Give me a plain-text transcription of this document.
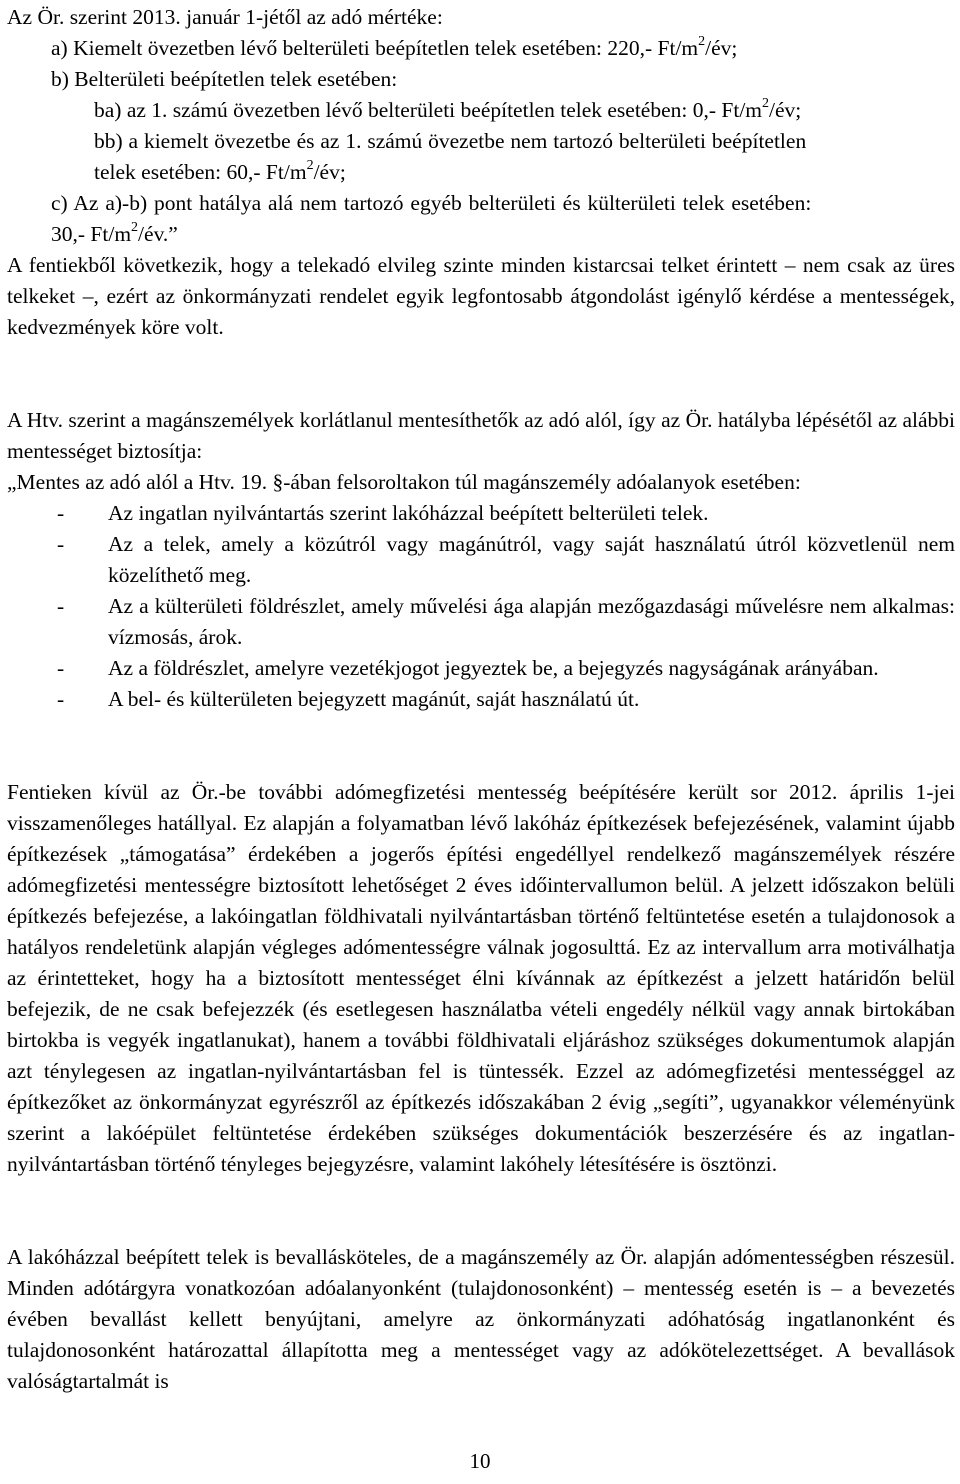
Az Ör. szerint 2013. január 1-jétől az adó mértéke:

a) Kiemelt övezetben lévő belterületi beépítetlen telek esetében: 220,- $Ft/m^2/év$;

b) Belterületi beépítetlen telek esetében:

ba) az 1. számú övezetben lévő belterületi beépítetlen telek esetében: 0,- $Ft/m^2/év$;

bb) a kiemelt övezetbe és az 1. számú övezetbe nem tartozó belterületi beépítetlen

telek esetében: 60,- $Ft/m^2/év$;

c) Az a)-b) pont hatálya alá nem tartozó egyéb belterületi és külterületi telek esetében:

30,- $Ft/m^2/év$.”

A fentiekből következik, hogy a telekadó elvileg szinte minden kistarcsai telket érintett – nem csak az üres telkeket –, ezért az önkormányzati rendelet egyik legfontosabb átgondolást igénylő kérdése a mentességek, kedvezmények köre volt.

A Htv. szerint a magánszemélyek korlátlanul mentesíthetők az adó alól, így az Ör. hatályba lépésétől az alábbi mentességet biztosítja:

„Mentes az adó alól a Htv. 19. §-ában felsoroltakon túl magánszemély adóalanyok esetében:

-	Az ingatlan nyilvántartás szerint lakóházzal beépített belterületi telek.
-	Az a telek, amely a közútról vagy magánútról, vagy saját használatú útról közvetlenül nem közelíthető meg.
-	Az a külterületi földrészlet, amely művelési ága alapján mezőgazdasági művelésre nem alkalmas: vízmosás, árok.
-	Az a földrészlet, amelyre vezetékjogot jegyeztek be, a bejegyzés nagyságának arányában.
-	A bel- és külterületen bejegyzett magánút, saját használatú út.

Fentieken kívül az Ör.-be további adómegfizetési mentesség beépítésére került sor 2012. április 1-jei visszamenőleges hatállyal. Ez alapján a folyamatban lévő lakóház építkezések befejezésének, valamint újabb építkezések „támogatása” érdekében a jogerős építési engedéllyel rendelkező magánszemélyek részére adómegfizetési mentességre biztosított lehetőséget 2 éves időintervallumon belül. A jelzett időszakon belüli építkezés befejezése, a lakóingatlan földhivatali nyilvántartásban történő feltüntetése esetén a tulajdonosok a hatályos rendeletünk alapján végleges adómentességre válnak jogosulttá. Ez az intervallum arra motiválhatja az érintetteket, hogy ha a biztosított mentességet élni kívánnak az építkezést a jelzett határidőn belül befejezik, de ne csak befejezzék (és esetlegesen használatba vételi engedély nélkül vagy annak birtokában birtokba is vegyék ingatlanukat), hanem a további földhivatali eljáráshoz szükséges dokumentumok alapján azt ténylegesen az ingatlan-nyilvántartásban fel is tüntessék. Ezzel az adómegfizetési mentességgel az építkezőket az önkormányzat egyrészről az építkezés időszakában 2 évig „segíti”, ugyanakkor véleményünk szerint a lakóépület feltüntetése érdekében szükséges dokumentációk beszerzésére és az ingatlan-nyilvántartásban történő tényleges bejegyzésre, valamint lakóhely létesítésére is ösztönzi.

A lakóházzal beépített telek is bevallásköteles, de a magánszemély az Ör. alapján adómentességben részesül. Minden adótárgyra vonatkozóan adóalanyonként (tulajdonosonként) – mentesség esetén is – a bevezetés évében bevallást kellett benyújtani, amelyre az önkormányzati adóhatóság ingatlanonként és tulajdonosonként határozattal állapította meg a mentességet vagy az adókötelezettséget. A bevallások valóságtartalmát is

10
